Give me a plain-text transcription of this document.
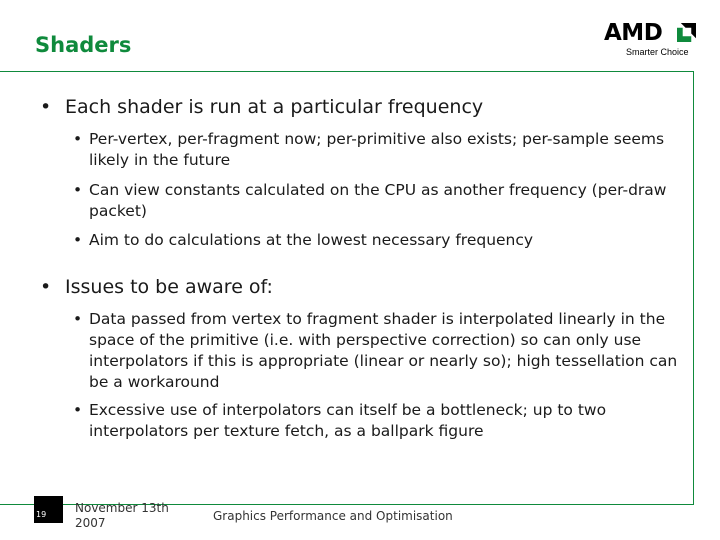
Shaders	AMD
Smarter Choice
• Each shader is run at a particular frequency
• Per-vertex, per-fragment now; per-primitive also exists; per-sample seems likely in the future
• Can view constants calculated on the CPU as another frequency (per-draw packet)
• Aim to do calculations at the lowest necessary frequency
• Issues to be aware of:
• Data passed from vertex to fragment shader is interpolated linearly in the space of the primitive (i.e. with perspective correction) so can only use interpolators if this is appropriate (linear or nearly so); high tessellation can be a workaround
• Excessive use of interpolators can itself be a bottleneck; up to two interpolators per texture fetch, as a ballpark figure
19 November 13th 2007	Graphics Performance and Optimisation
